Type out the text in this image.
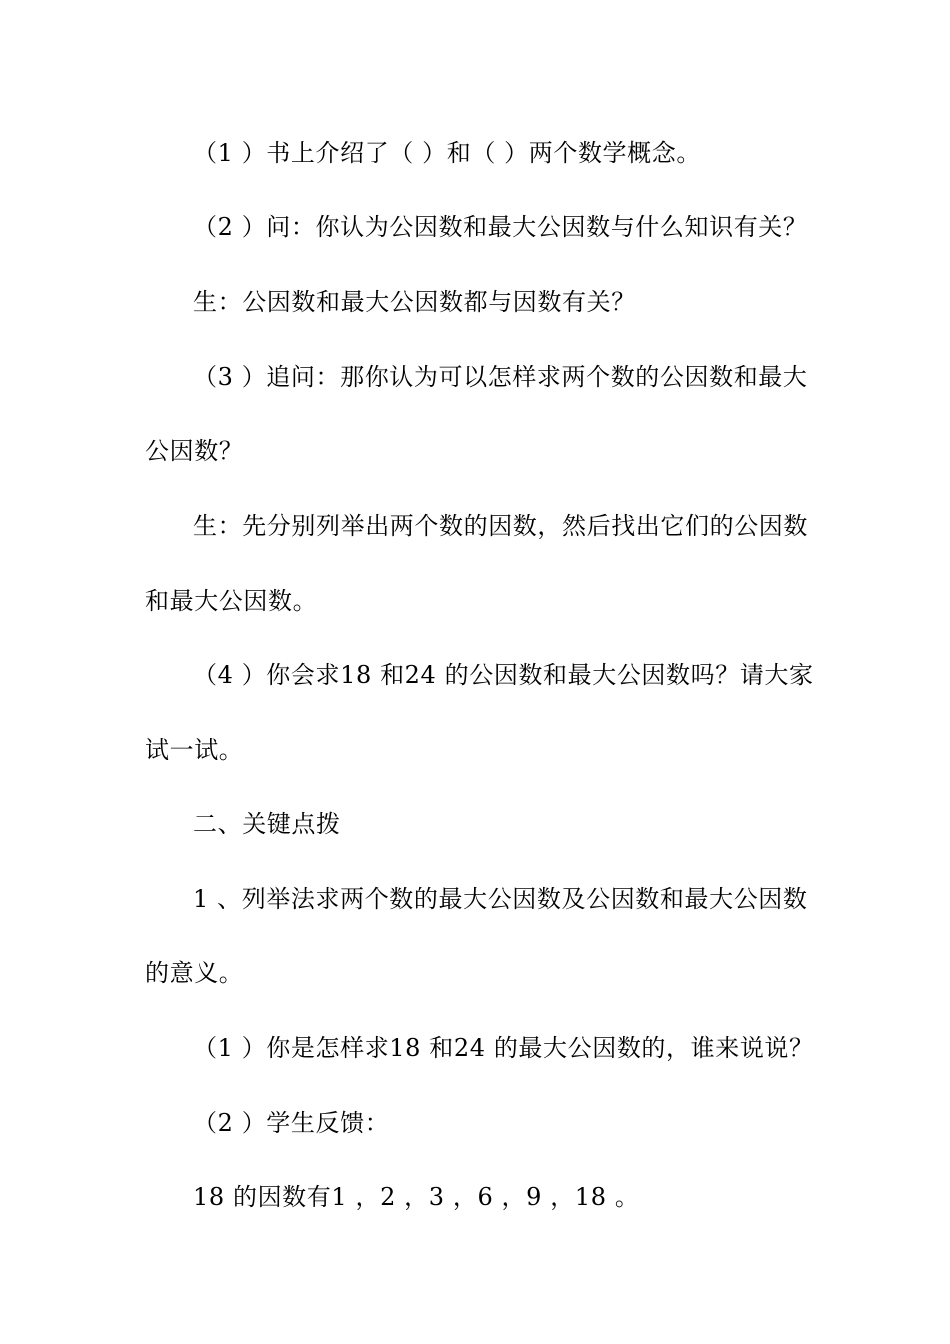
（1 ）书上介绍了（ ）和（ ）两个数学概念。
（2 ）问：你认为公因数和最大公因数与什么知识有关？
生：公因数和最大公因数都与因数有关？
（3 ）追问：那你认为可以怎样求两个数的公因数和最大
公因数？
生：先分别列举出两个数的因数，然后找出它们的公因数
和最大公因数。
（4 ）你会求18 和24 的公因数和最大公因数吗？请大家
试一试。
二、关键点拨
1 、列举法求两个数的最大公因数及公因数和最大公因数
的意义。
（1 ）你是怎样求18 和24 的最大公因数的，谁来说说？
（2 ）学生反馈：
18 的因数有1 ，2 ，3 ，6 ，9 ，18 。
